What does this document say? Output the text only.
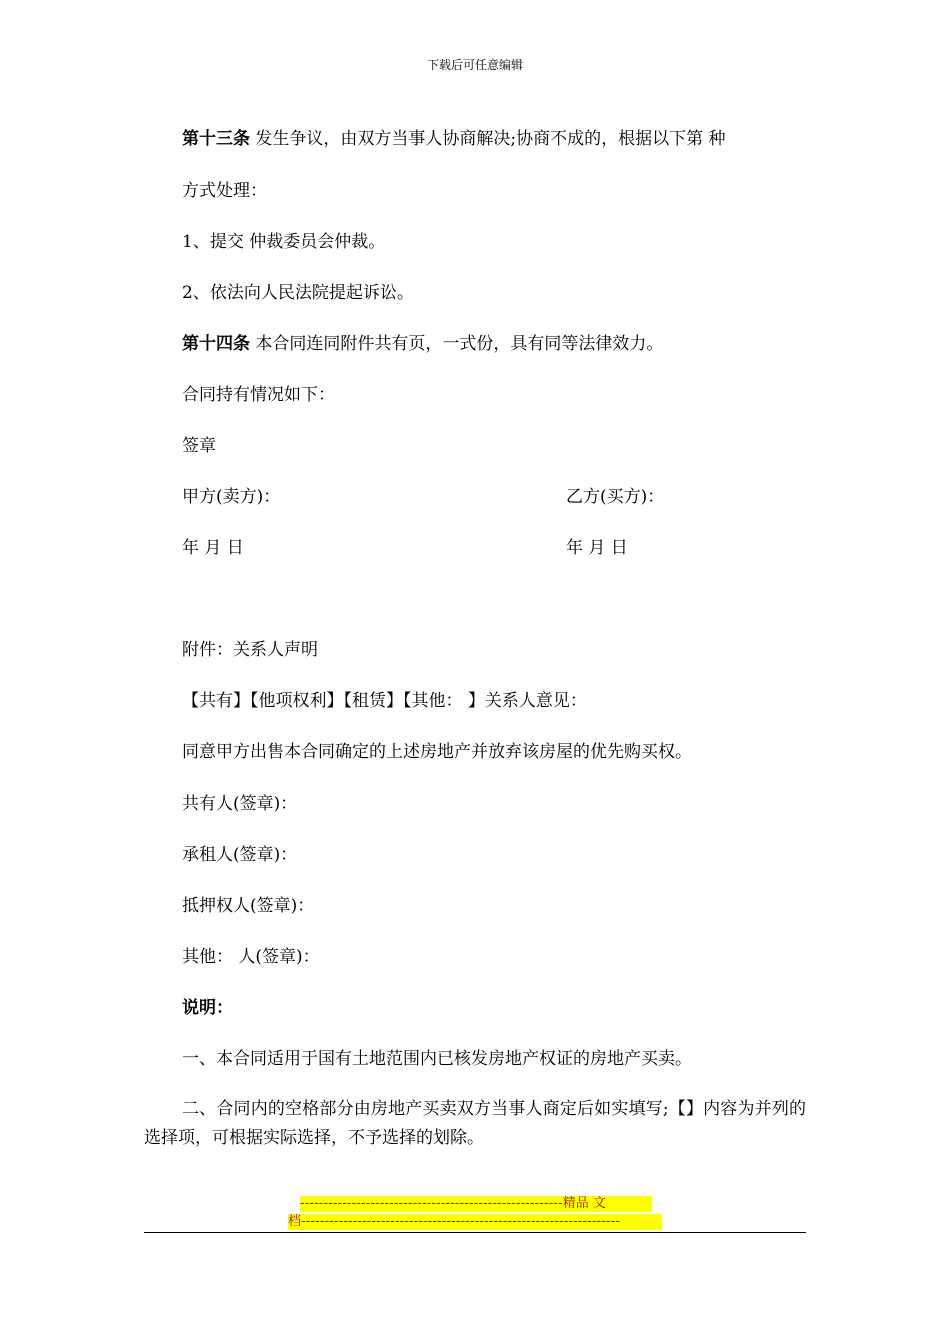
下载后可任意编辑
第十三条 发生争议，由双方当事人协商解决;协商不成的，根据以下第 种
方式处理：
1、提交 仲裁委员会仲裁。
2、依法向人民法院提起诉讼。
第十四条 本合同连同附件共有页，一式份，具有同等法律效力。
合同持有情况如下：
签章
甲方(卖方)：	乙方(买方)：
年 月 日	年 月 日
附件：关系人声明
【共有】【他项权利】【租赁】【其他： 】关系人意见：
同意甲方出售本合同确定的上述房地产并放弃该房屋的优先购买权。
共有人(签章)：
承租人(签章)：
抵押权人(签章)：
其他： 人(签章)：
说明：
一、本合同适用于国有土地范围内已核发房地产权证的房地产买卖。
二、合同内的空格部分由房地产买卖双方当事人商定后如实填写;【】内容为并列的选择项，可根据实际选择，不予选择的划除。
--------------------------------------------------------精品 文
档--------------------------------------------------------------------
